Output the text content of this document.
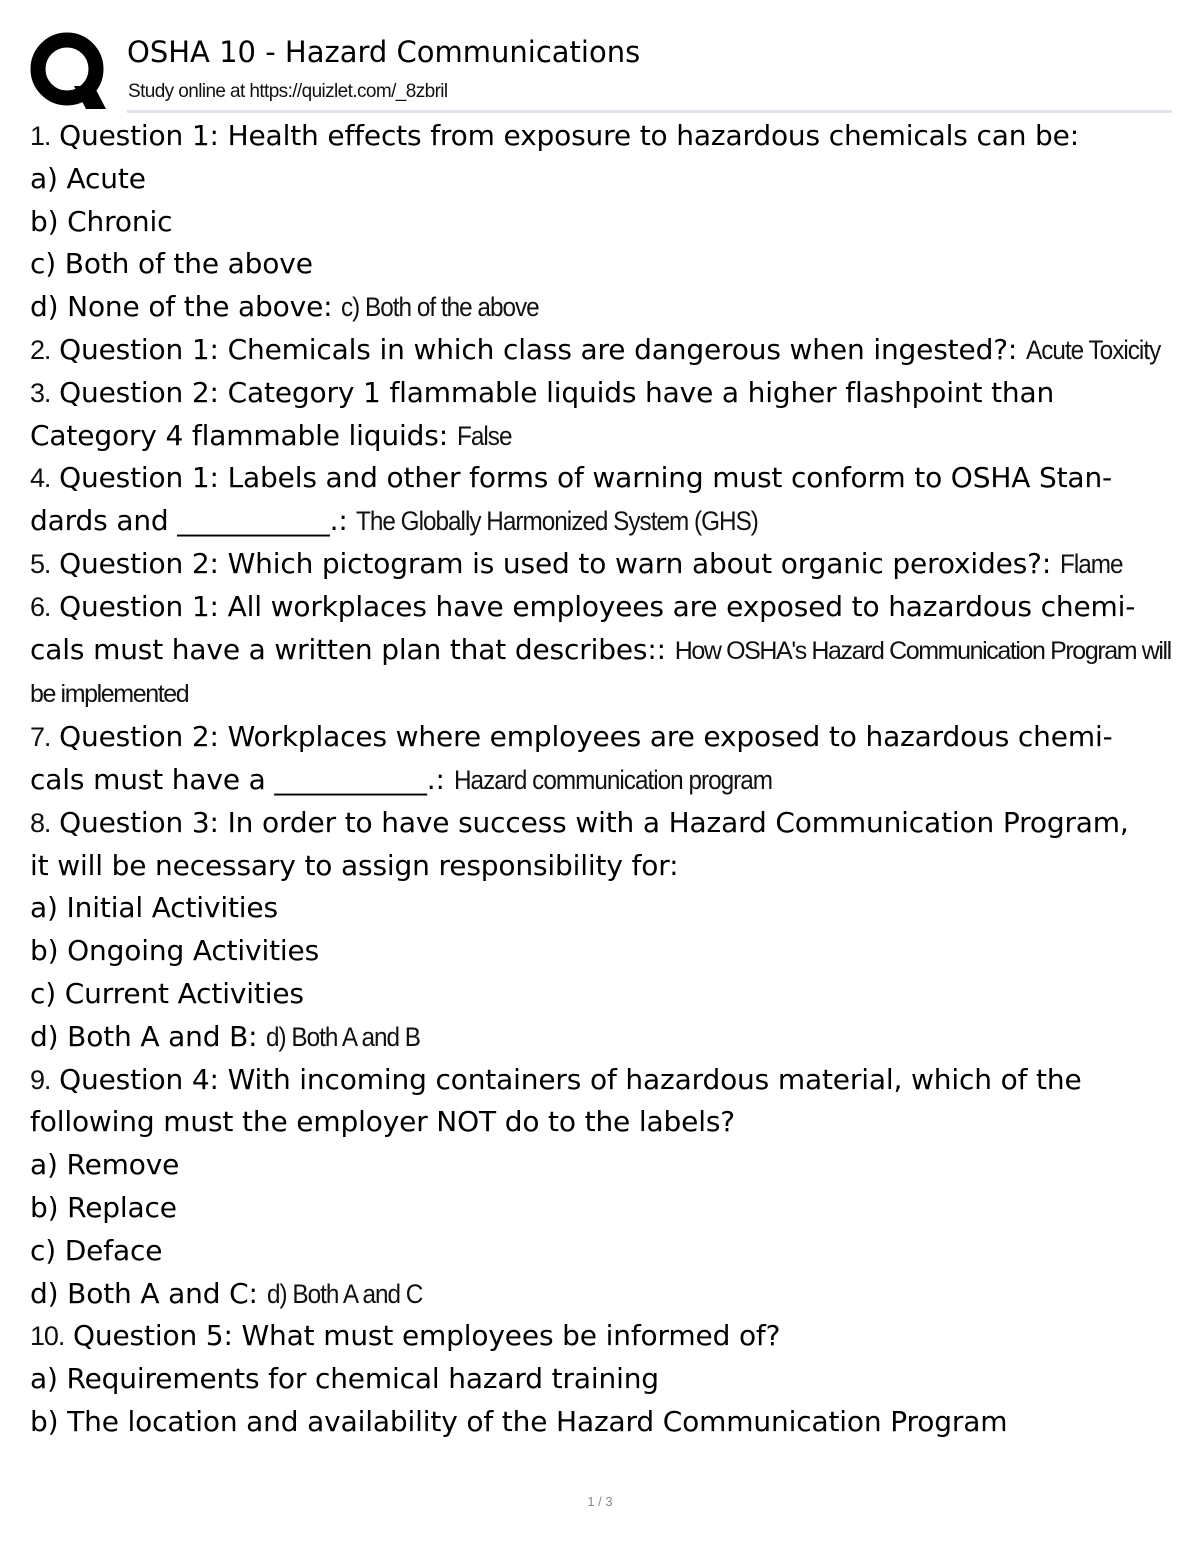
OSHA 10 - Hazard Communications
Study online at https://quizlet.com/_8zbril
1. Question 1: Health effects from exposure to hazardous chemicals can be:
a) Acute
b) Chronic
c) Both of the above
d) None of the above: c) Both of the above
2. Question 1: Chemicals in which class are dangerous when ingested?: Acute Toxicity
3. Question 2: Category 1 flammable liquids have a higher flashpoint than
Category 4 flammable liquids: False
4. Question 1: Labels and other forms of warning must conform to OSHA Stan-
dards and ___________.: The Globally Harmonized System (GHS)
5. Question 2: Which pictogram is used to warn about organic peroxides?: Flame
6. Question 1: All workplaces have employees are exposed to hazardous chemi-
cals must have a written plan that describes:: How OSHA's Hazard Communication Program will be implemented
7. Question 2: Workplaces where employees are exposed to hazardous chemi-
cals must have a ___________.: Hazard communication program
8. Question 3: In order to have success with a Hazard Communication Program,
it will be necessary to assign responsibility for:
a) Initial Activities
b) Ongoing Activities
c) Current Activities
d) Both A and B: d) Both A and B
9. Question 4: With incoming containers of hazardous material, which of the
following must the employer NOT do to the labels?
a) Remove
b) Replace
c) Deface
d) Both A and C: d) Both A and C
10. Question 5: What must employees be informed of?
a) Requirements for chemical hazard training
b) The location and availability of the Hazard Communication Program
1 / 3
